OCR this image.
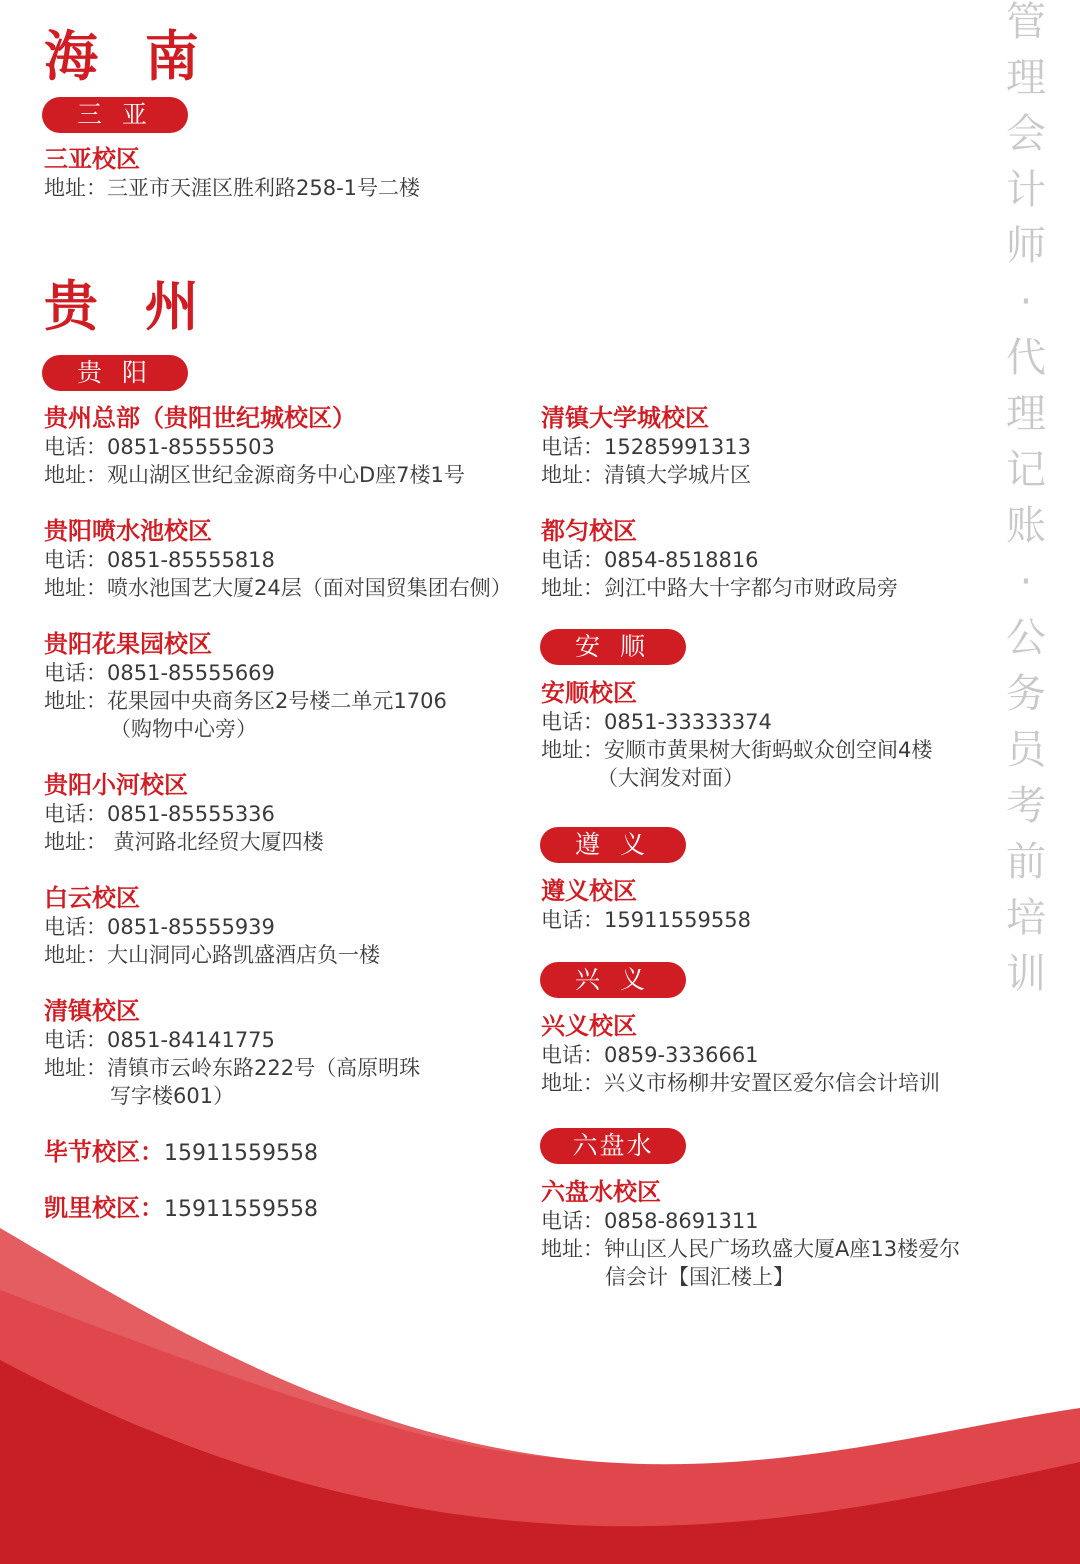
管
理
会
计
师
·
代
理
记
账
·
公
务
员
考
前
培
训
海 南
三 亚
三亚校区
地址：三亚市天涯区胜利路258-1号二楼
贵 州
贵 阳
贵州总部（贵阳世纪城校区）
电话：0851-85555503
地址：观山湖区世纪金源商务中心D座7楼1号
贵阳喷水池校区
电话：0851-85555818
地址：喷水池国艺大厦24层（面对国贸集团右侧）
贵阳花果园校区
电话：0851-85555669
地址：花果园中央商务区2号楼二单元1706
（购物中心旁）
贵阳小河校区
电话：0851-85555336
地址： 黄河路北经贸大厦四楼
白云校区
电话：0851-85555939
地址：大山洞同心路凯盛酒店负一楼
清镇校区
电话：0851-84141775
地址：清镇市云岭东路222号（高原明珠
写字楼601）
毕节校区：15911559558
凯里校区：15911559558
清镇大学城校区
电话：15285991313
地址：清镇大学城片区
都匀校区
电话：0854-8518816
地址：剑江中路大十字都匀市财政局旁
安 顺
安顺校区
电话：0851-33333374
地址：安顺市黄果树大街蚂蚁众创空间4楼
（大润发对面）
遵 义
遵义校区
电话：15911559558
兴 义
兴义校区
电话：0859-3336661
地址：兴义市杨柳井安置区爱尔信会计培训
六盘水
六盘水校区
电话：0858-8691311
地址：钟山区人民广场玖盛大厦A座13楼爱尔
信会计【国汇楼上】
